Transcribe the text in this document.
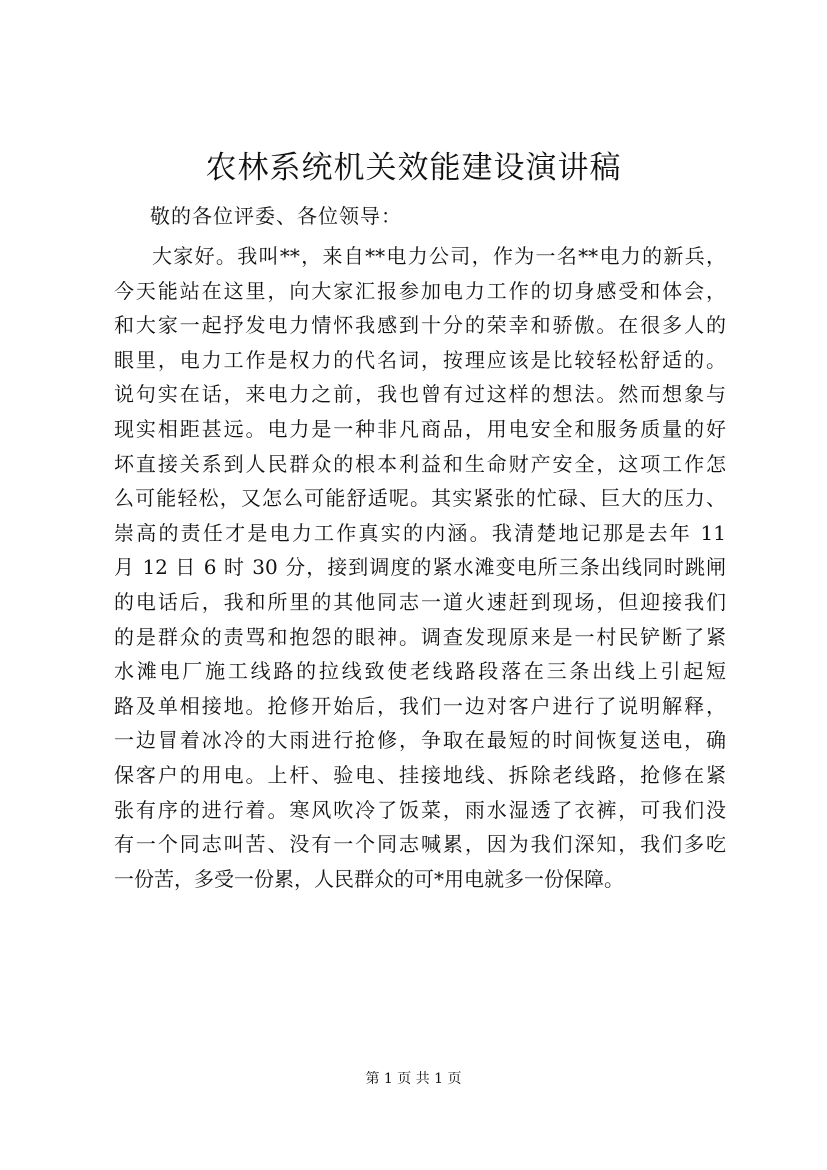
农林系统机关效能建设演讲稿

敬的各位评委、各位领导：

大家好。我叫**，来自**电力公司，作为一名**电力的新兵，
今天能站在这里，向大家汇报参加电力工作的切身感受和体会，
和大家一起抒发电力情怀我感到十分的荣幸和骄傲。在很多人的
眼里，电力工作是权力的代名词，按理应该是比较轻松舒适的。
说句实在话，来电力之前，我也曾有过这样的想法。然而想象与
现实相距甚远。电力是一种非凡商品，用电安全和服务质量的好
坏直接关系到人民群众的根本利益和生命财产安全，这项工作怎
么可能轻松，又怎么可能舒适呢。其实紧张的忙碌、巨大的压力、
崇高的责任才是电力工作真实的内涵。我清楚地记那是去年 11
月 12 日 6 时 30 分，接到调度的紧水滩变电所三条出线同时跳闸
的电话后，我和所里的其他同志一道火速赶到现场，但迎接我们
的是群众的责骂和抱怨的眼神。调查发现原来是一村民铲断了紧
水滩电厂施工线路的拉线致使老线路段落在三条出线上引起短
路及单相接地。抢修开始后，我们一边对客户进行了说明解释，
一边冒着冰冷的大雨进行抢修，争取在最短的时间恢复送电，确
保客户的用电。上杆、验电、挂接地线、拆除老线路，抢修在紧
张有序的进行着。寒风吹冷了饭菜，雨水湿透了衣裤，可我们没
有一个同志叫苦、没有一个同志喊累，因为我们深知，我们多吃
一份苦，多受一份累，人民群众的可*用电就多一份保障。

第 1 页 共 1 页
